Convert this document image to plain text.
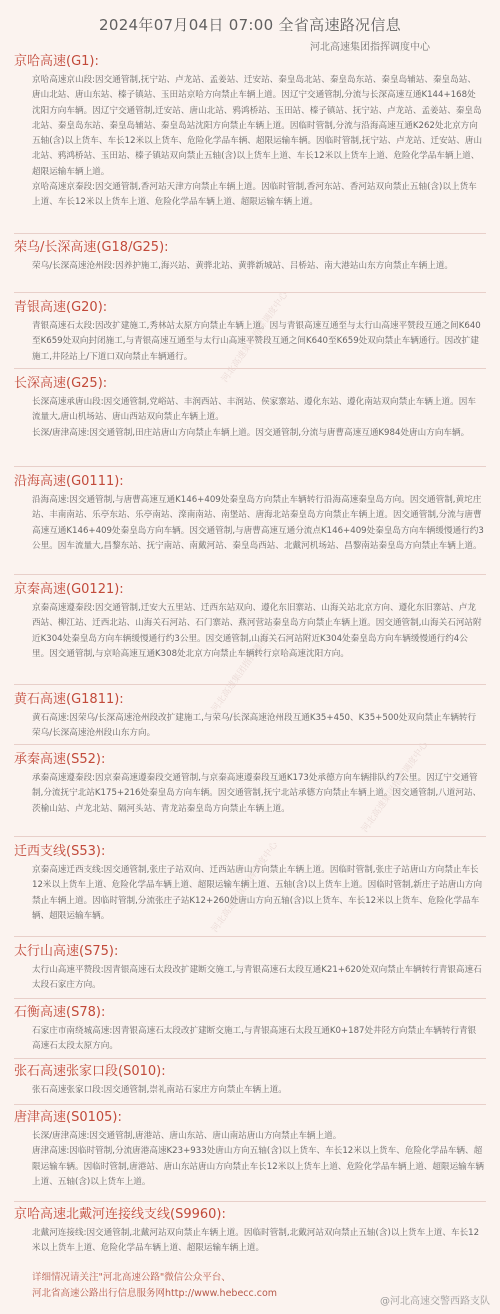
河北高速集团指挥调度中心
河北高速集团指挥调度中心
河北高速集团指挥调度中心
河北高速集团指挥调度中心
2024年07月04日 07:00 全省高速路况信息
河北高速集团指挥调度中心
京哈高速(G1):

京哈高速京山段:因交通管制,抚宁站、卢龙站、孟姜站、迁安站、秦皇岛北站、秦皇岛东站、秦皇岛辅站、秦皇岛站、唐山北站、唐山东站、榛子镇站、玉田站京哈方向禁止车辆上道。因辽宁交通管制,分流与长深高速互通K144+168处沈阳方向车辆。因辽宁交通管制,迁安站、唐山北站、鸦鸿桥站、玉田站、榛子镇站、抚宁站、卢龙站、孟姜站、秦皇岛北站、秦皇岛东站、秦皇岛辅站、秦皇岛站沈阳方向禁止车辆上道。因临时管制,分流与沿海高速互通K262处北京方向五轴(含)以上货车、车长12米以上货车、危险化学品车辆、超限运输车辆。因临时管制,抚宁站、卢龙站、迁安站、唐山北站、鸦鸿桥站、玉田站、榛子镇站双向禁止五轴(含)以上货车上道、车长12米以上货车上道、危险化学品车辆上道、超限运输车辆上道。

京哈高速京秦段:因交通管制,香河站天津方向禁止车辆上道。因临时管制,香河东站、香河站双向禁止五轴(含)以上货车上道、车长12米以上货车上道、危险化学品车辆上道、超限运输车辆上道。

荣乌/长深高速(G18/G25):

荣乌/长深高速沧州段:因养护施工,海兴站、黄骅北站、黄骅新城站、吕桥站、南大港站山东方向禁止车辆上道。

青银高速(G20):

青银高速石太段:因改扩建施工,秀林站太原方向禁止车辆上道。因与青银高速互通至与太行山高速平赞段互通之间K640至K659处双向封闭施工,与青银高速互通至与太行山高速平赞段互通之间K640至K659处双向禁止车辆通行。因改扩建施工,井陉站上/下道口双向禁止车辆通行。

长深高速(G25):

长深高速承唐山段:因交通管制,党峪站、丰润西站、丰润站、侯家寨站、遵化东站、遵化南站双向禁止车辆上道。因车流量大,唐山机场站、唐山西站双向禁止车辆上道。

长深/唐津高速:因交通管制,田庄站唐山方向禁止车辆上道。因交通管制,分流与唐曹高速互通K984处唐山方向车辆。

沿海高速(G0111):

沿海高速:因交通管制,与唐曹高速互通K146+409处秦皇岛方向禁止车辆转行沿海高速秦皇岛方向。因交通管制,黄坨庄站、丰南南站、乐亭东站、乐亭南站、滦南南站、南堡站、唐海北站秦皇岛方向禁止车辆上道。因交通管制,分流与唐曹高速互通K146+409处秦皇岛方向车辆。因交通管制,与唐曹高速互通分流点K146+409处秦皇岛方向车辆缓慢通行约3公里。因车流量大,昌黎东站、抚宁南站、南戴河站、秦皇岛西站、北戴河机场站、昌黎南站秦皇岛方向禁止车辆上道。

京秦高速(G0121):

京秦高速遵秦段:因交通管制,迁安大五里站、迁西东站双向、遵化东旧寨站、山海关站北京方向、遵化东旧寨站、卢龙西站、柳江站、迁西北站、山海关石河站、石门寨站、燕河营站秦皇岛方向禁止车辆上道。因交通管制,山海关石河站附近K304处秦皇岛方向车辆缓慢通行约3公里。因交通管制,山海关石河站附近K304处秦皇岛方向车辆缓慢通行约4公里。因交通管制,与京哈高速互通K308处北京方向禁止车辆转行京哈高速沈阳方向。

黄石高速(G1811):

黄石高速:因荣乌/长深高速沧州段改扩建施工,与荣乌/长深高速沧州段互通K35+450、K35+500处双向禁止车辆转行荣乌/长深高速沧州段山东方向。

承秦高速(S52):

承秦高速遵秦段:因京秦高速遵秦段交通管制,与京秦高速遵秦段互通K173处承德方向车辆排队约7公里。因辽宁交通管制,分流抚宁北站K175+216处秦皇岛方向车辆。因交通管制,抚宁北站承德方向禁止车辆上道。因交通管制,八道河站、茨榆山站、卢龙北站、隔河头站、青龙站秦皇岛方向禁止车辆上道。

迁西支线(S53):

京秦高速迁西支线:因交通管制,张庄子站双向、迁西站唐山方向禁止车辆上道。因临时管制,张庄子站唐山方向禁止车长12米以上货车上道、危险化学品车辆上道、超限运输车辆上道、五轴(含)以上货车上道。因临时管制,新庄子站唐山方向禁止车辆上道。因临时管制,分流张庄子站K12+260处唐山方向五轴(含)以上货车、车长12米以上货车、危险化学品车辆、超限运输车辆。

太行山高速(S75):

太行山高速平赞段:因青银高速石太段改扩建断交施工,与青银高速石太段互通K21+620处双向禁止车辆转行青银高速石太段石家庄方向。

石衡高速(S78):

石家庄市南绕城高速:因青银高速石太段改扩建断交施工,与青银高速石太段互通K0+187处井陉方向禁止车辆转行青银高速石太段太原方向。

张石高速张家口段(S010):

张石高速张家口段:因交通管制,崇礼南站石家庄方向禁止车辆上道。

唐津高速(S0105):

长深/唐津高速:因交通管制,唐港站、唐山东站、唐山南站唐山方向禁止车辆上道。

唐津高速:因临时管制,分流唐港高速K23+933处唐山方向五轴(含)以上货车、车长12米以上货车、危险化学品车辆、超限运输车辆。因临时管制,唐港站、唐山东站唐山方向禁止车长12米以上货车上道、危险化学品车辆上道、超限运输车辆上道、五轴(含)以上货车上道。

京哈高速北戴河连接线支线(S9960):

北戴河连接线:因交通管制,北戴河站双向禁止车辆上道。因临时管制,北戴河站双向禁止五轴(含)以上货车上道、车长12米以上货车上道、危险化学品车辆上道、超限运输车辆上道。

详细情况请关注"河北高速公路"微信公众平台、
河北省高速公路出行信息服务网http://www.hebecc.com
@河北高速交警西路支队
